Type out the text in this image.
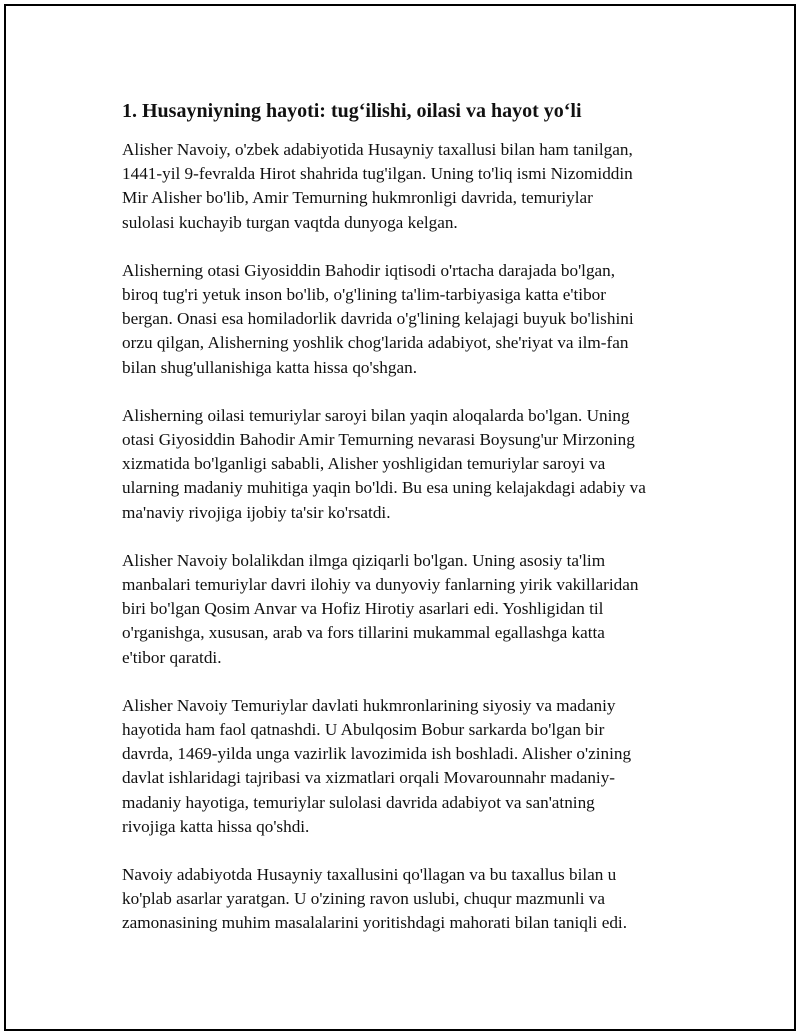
1. Husayniyning hayoti: tug‘ilishi, oilasi va hayot yo‘li
Alisher Navoiy, o'zbek adabiyotida Husayniy taxallusi bilan ham tanilgan,
1441-yil 9-fevralda Hirot shahrida tug'ilgan. Uning to'liq ismi Nizomiddin
Mir Alisher bo'lib, Amir Temurning hukmronligi davrida, temuriylar
sulolasi kuchayib turgan vaqtda dunyoga kelgan.
Alisherning otasi Giyosiddin Bahodir iqtisodi o'rtacha darajada bo'lgan,
biroq tug'ri yetuk inson bo'lib, o'g'lining ta'lim-tarbiyasiga katta e'tibor
bergan. Onasi esa homiladorlik davrida o'g'lining kelajagi buyuk bo'lishini
orzu qilgan, Alisherning yoshlik chog'larida adabiyot, she'riyat va ilm-fan
bilan shug'ullanishiga katta hissa qo'shgan.
Alisherning oilasi temuriylar saroyi bilan yaqin aloqalarda bo'lgan. Uning
otasi Giyosiddin Bahodir Amir Temurning nevarasi Boysung'ur Mirzoning
xizmatida bo'lganligi sababli, Alisher yoshligidan temuriylar saroyi va
ularning madaniy muhitiga yaqin bo'ldi. Bu esa uning kelajakdagi adabiy va
ma'naviy rivojiga ijobiy ta'sir ko'rsatdi.
Alisher Navoiy bolalikdan ilmga qiziqarli bo'lgan. Uning asosiy ta'lim
manbalari temuriylar davri ilohiy va dunyoviy fanlarning yirik vakillaridan
biri bo'lgan Qosim Anvar va Hofiz Hirotiy asarlari edi. Yoshligidan til
o'rganishga, xususan, arab va fors tillarini mukammal egallashga katta
e'tibor qaratdi.
Alisher Navoiy Temuriylar davlati hukmronlarining siyosiy va madaniy
hayotida ham faol qatnashdi. U Abulqosim Bobur sarkarda bo'lgan bir
davrda, 1469-yilda unga vazirlik lavozimida ish boshladi. Alisher o'zining
davlat ishlaridagi tajribasi va xizmatlari orqali Movarounnahr madaniy-
madaniy hayotiga, temuriylar sulolasi davrida adabiyot va san'atning
rivojiga katta hissa qo'shdi.
Navoiy adabiyotda Husayniy taxallusini qo'llagan va bu taxallus bilan u
ko'plab asarlar yaratgan. U o'zining ravon uslubi, chuqur mazmunli va
zamonasining muhim masalalarini yoritishdagi mahorati bilan taniqli edi.
